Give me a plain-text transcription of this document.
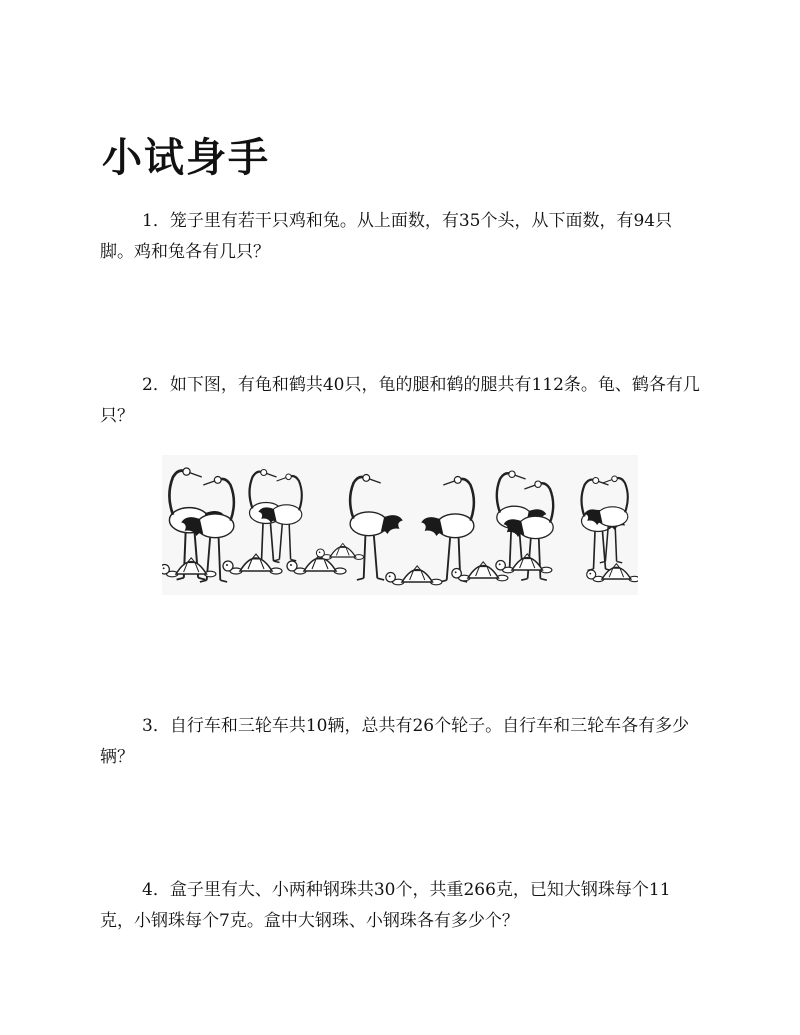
小试身手

1．笼子里有若干只鸡和兔。从上面数，有35个头，从下面数，有94只脚。鸡和兔各有几只？

2．如下图，有龟和鹤共40只，龟的腿和鹤的腿共有112条。龟、鹤各有几只？

3．自行车和三轮车共10辆，总共有26个轮子。自行车和三轮车各有多少辆？

4．盒子里有大、小两种钢珠共30个，共重266克，已知大钢珠每个11克，小钢珠每个7克。盒中大钢珠、小钢珠各有多少个？
